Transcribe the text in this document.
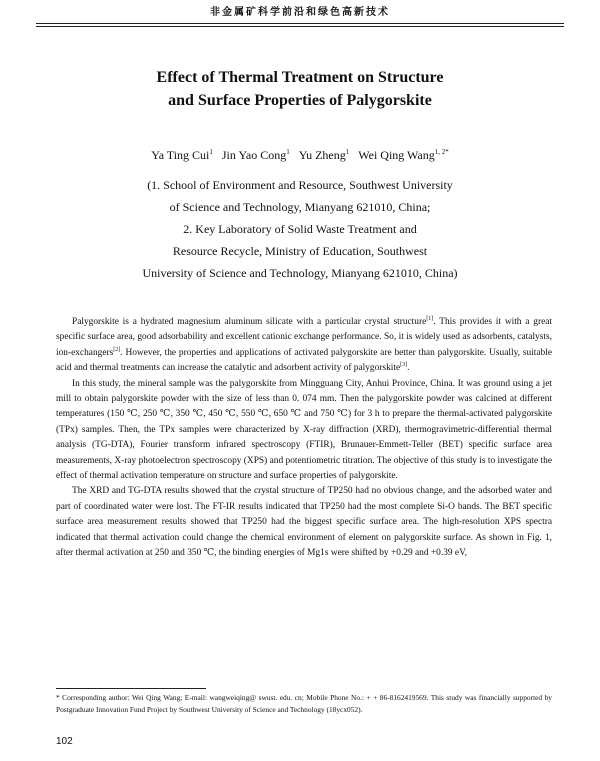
非金属矿科学前沿和绿色高新技术
Effect of Thermal Treatment on Structure
and Surface Properties of Palygorskite
Ya Ting Cui$^1$ Jin Yao Cong$^1$ Yu Zheng$^1$ Wei Qing Wang$^{1, 2*}$
(1. School of Environment and Resource, Southwest University
of Science and Technology, Mianyang 621010, China;
2. Key Laboratory of Solid Waste Treatment and
Resource Recycle, Ministry of Education, Southwest
University of Science and Technology, Mianyang 621010, China)

Palygorskite is a hydrated magnesium aluminum silicate with a particular crystal structure[1]. This provides it with a great specific surface area, good adsorbability and excellent cationic exchange performance. So, it is widely used as adsorbents, catalysts, ion-exchangers[2]. However, the properties and applications of activated palygorskite are better than palygorskite. Usually, suitable acid and thermal treatments can increase the catalytic and adsorbent activity of palygorskite[3].

In this study, the mineral sample was the palygorskite from Mingguang City, Anhui Province, China. It was ground using a jet mill to obtain palygorskite powder with the size of less than 0. 074 mm. Then the palygorskite powder was calcined at different temperatures (150 ℃, 250 ℃, 350 ℃, 450 ℃, 550 ℃, 650 ℃ and 750 ℃) for 3 h to prepare the thermal-activated palygorskite (TPx) samples. Then, the TPx samples were characterized by X-ray diffraction (XRD), thermogravimetric-differential thermal analysis (TG-DTA), Fourier transform infrared spectroscopy (FTIR), Brunauer-Emmett-Teller (BET) specific surface area measurements, X-ray photoelectron spectroscopy (XPS) and potentiometric titration. The objective of this study is to investigate the effect of thermal activation temperature on structure and surface properties of palygorskite.

The XRD and TG-DTA results showed that the crystal structure of TP250 had no obvious change, and the adsorbed water and part of coordinated water were lost. The FT-IR results indicated that TP250 had the most complete Si-O bands. The BET specific surface area measurement results showed that TP250 had the biggest specific surface area. The high-resolution XPS spectra indicated that thermal activation could change the chemical environment of element on palygorskite surface. As shown in Fig. 1, after thermal activation at 250 and 350 ℃, the binding energies of Mg1s were shifted by +0.29 and +0.39 eV,

* Corresponding author: Wei Qing Wang; E-mail: wangweiqing@ swust. edu. cn; Mobile Phone No.: + + 86-8162419569. This study was financially supported by Postgraduate Innovation Fund Project by Southwest University of Science and Technology (18ycx052).
102
